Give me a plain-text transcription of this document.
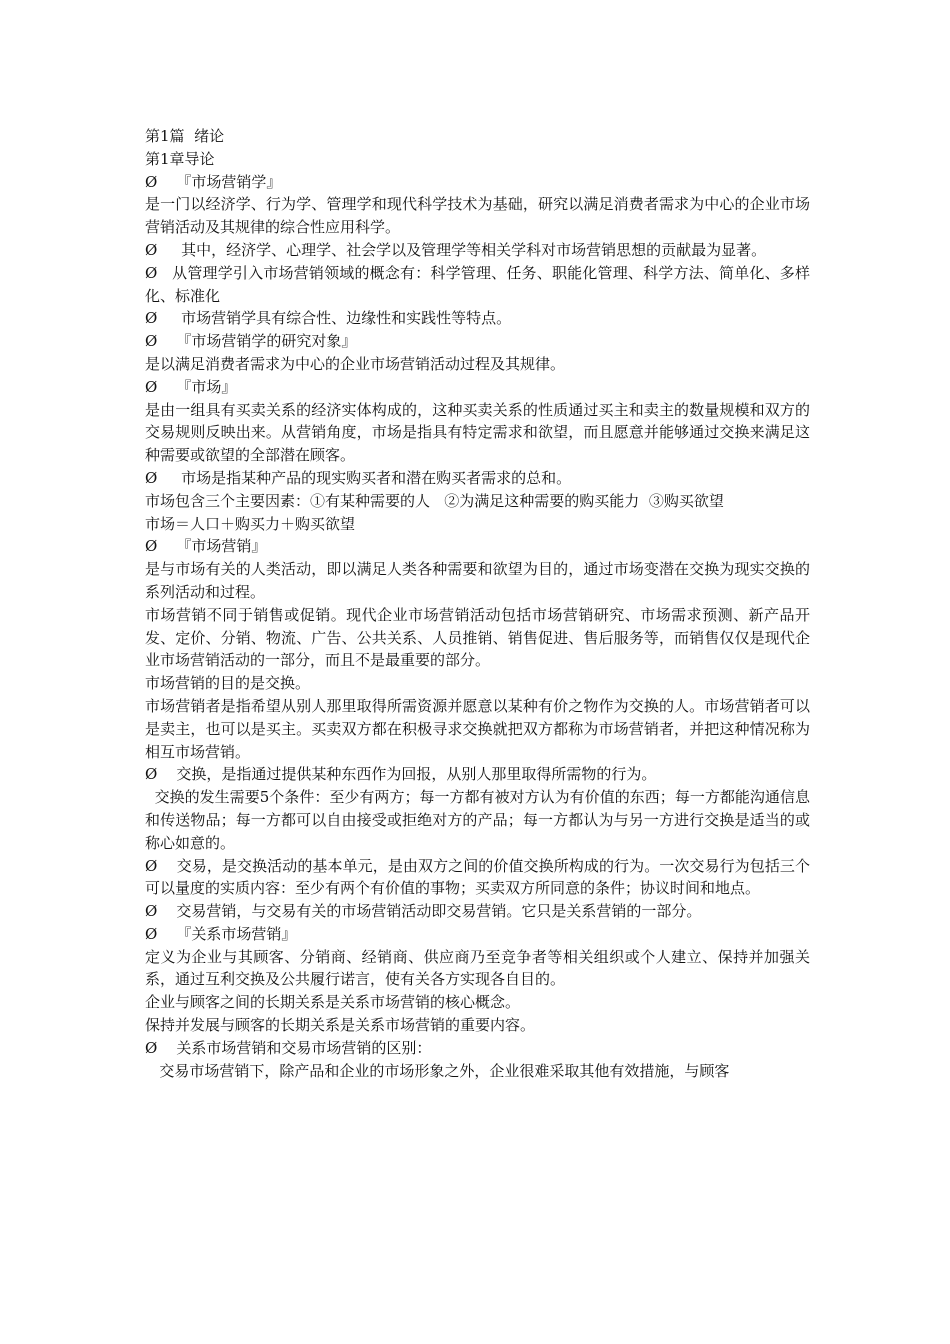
第1篇  绪论
第1章导论
Ø    『市场营销学』
是一门以经济学、行为学、管理学和现代科学技术为基础，研究以满足消费者需求为中心的企业市场营销活动及其规律的综合性应用科学。
Ø     其中，经济学、心理学、社会学以及管理学等相关学科对市场营销思想的贡献最为显著。
Ø   从管理学引入市场营销领域的概念有：科学管理、任务、职能化管理、科学方法、简单化、多样化、标准化
Ø     市场营销学具有综合性、边缘性和实践性等特点。
Ø    『市场营销学的研究对象』
是以满足消费者需求为中心的企业市场营销活动过程及其规律。
Ø    『市场』
是由一组具有买卖关系的经济实体构成的，这种买卖关系的性质通过买主和卖主的数量规模和双方的交易规则反映出来。从营销角度，市场是指具有特定需求和欲望，而且愿意并能够通过交换来满足这种需要或欲望的全部潜在顾客。
Ø     市场是指某种产品的现实购买者和潜在购买者需求的总和。
市场包含三个主要因素：①有某种需要的人   ②为满足这种需要的购买能力  ③购买欲望
市场＝人口＋购买力＋购买欲望
Ø    『市场营销』
是与市场有关的人类活动，即以满足人类各种需要和欲望为目的，通过市场变潜在交换为现实交换的系列活动和过程。
市场营销不同于销售或促销。现代企业市场营销活动包括市场营销研究、市场需求预测、新产品开发、定价、分销、物流、广告、公共关系、人员推销、销售促进、售后服务等，而销售仅仅是现代企业市场营销活动的一部分，而且不是最重要的部分。
市场营销的目的是交换。
市场营销者是指希望从别人那里取得所需资源并愿意以某种有价之物作为交换的人。市场营销者可以是卖主，也可以是买主。买卖双方都在积极寻求交换就把双方都称为市场营销者，并把这种情况称为相互市场营销。
Ø    交换，是指通过提供某种东西作为回报，从别人那里取得所需物的行为。
交换的发生需要5个条件：至少有两方；每一方都有被对方认为有价值的东西；每一方都能沟通信息和传送物品；每一方都可以自由接受或拒绝对方的产品；每一方都认为与另一方进行交换是适当的或称心如意的。
Ø    交易，是交换活动的基本单元，是由双方之间的价值交换所构成的行为。一次交易行为包括三个可以量度的实质内容：至少有两个有价值的事物；买卖双方所同意的条件；协议时间和地点。
Ø    交易营销，与交易有关的市场营销活动即交易营销。它只是关系营销的一部分。
Ø    『关系市场营销』
定义为企业与其顾客、分销商、经销商、供应商乃至竞争者等相关组织或个人建立、保持并加强关系，通过互利交换及公共履行诺言，使有关各方实现各自目的。
企业与顾客之间的长期关系是关系市场营销的核心概念。
保持并发展与顾客的长期关系是关系市场营销的重要内容。
Ø    关系市场营销和交易市场营销的区别：
交易市场营销下，除产品和企业的市场形象之外，企业很难采取其他有效措施，与顾客
